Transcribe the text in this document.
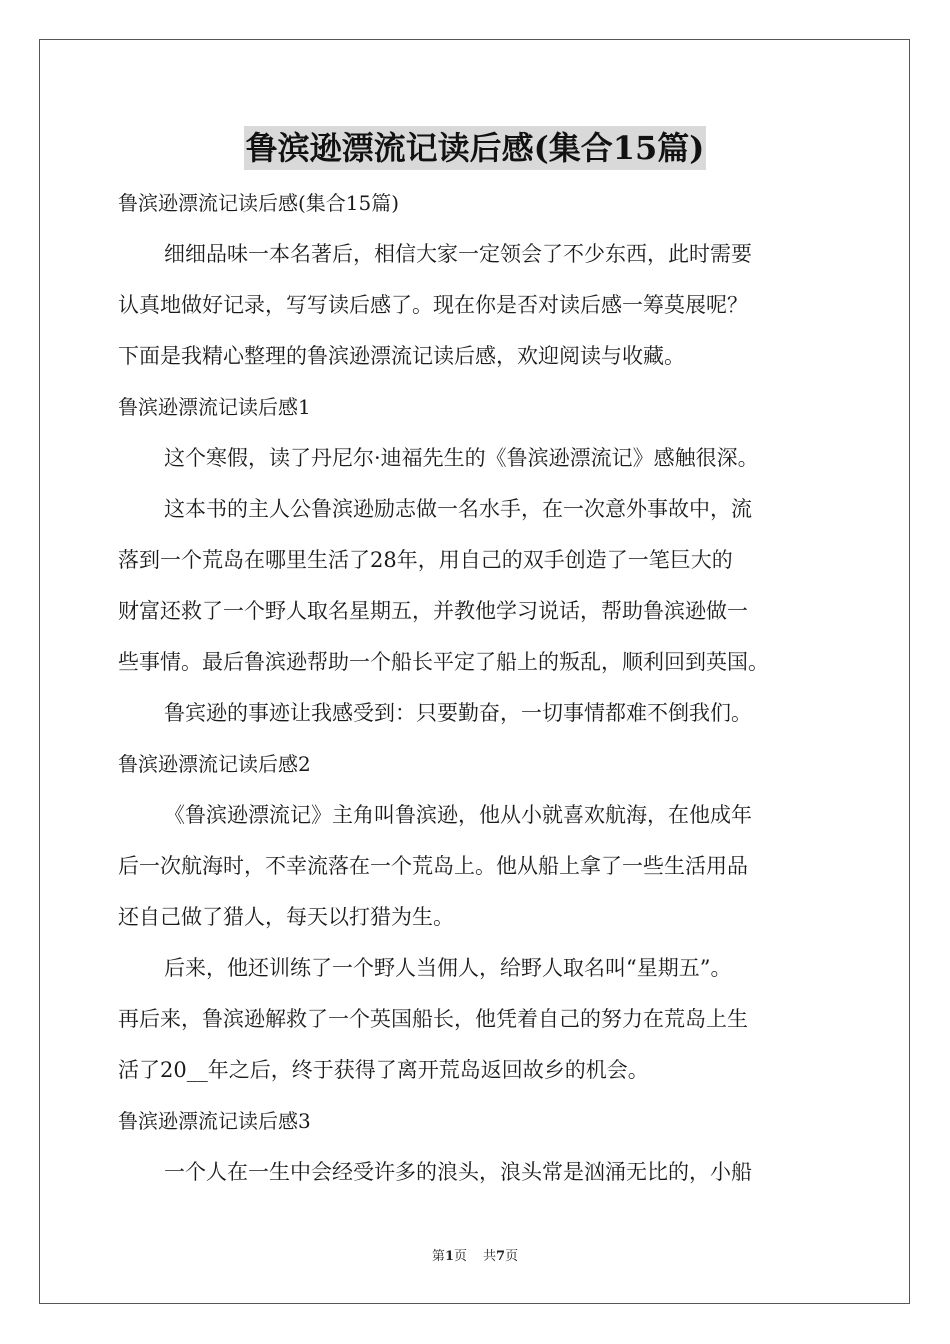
鲁滨逊漂流记读后感(集合15篇)
鲁滨逊漂流记读后感(集合15篇)
细细品味一本名著后，相信大家一定领会了不少东西，此时需要
认真地做好记录，写写读后感了。现在你是否对读后感一筹莫展呢？
下面是我精心整理的鲁滨逊漂流记读后感，欢迎阅读与收藏。
鲁滨逊漂流记读后感1
这个寒假，读了丹尼尔·迪福先生的《鲁滨逊漂流记》感触很深。
这本书的主人公鲁滨逊励志做一名水手，在一次意外事故中，流
落到一个荒岛在哪里生活了28年，用自己的双手创造了一笔巨大的
财富还救了一个野人取名星期五，并教他学习说话，帮助鲁滨逊做一
些事情。最后鲁滨逊帮助一个船长平定了船上的叛乱，顺利回到英国。
鲁宾逊的事迹让我感受到：只要勤奋，一切事情都难不倒我们。
鲁滨逊漂流记读后感2
《鲁滨逊漂流记》主角叫鲁滨逊，他从小就喜欢航海，在他成年
后一次航海时，不幸流落在一个荒岛上。他从船上拿了一些生活用品
还自己做了猎人，每天以打猎为生。
后来，他还训练了一个野人当佣人，给野人取名叫“星期五”。
再后来，鲁滨逊解救了一个英国船长，他凭着自己的努力在荒岛上生
活了20__年之后，终于获得了离开荒岛返回故乡的机会。
鲁滨逊漂流记读后感3
一个人在一生中会经受许多的浪头，浪头常是汹涌无比的，小船
第1页 共7页
